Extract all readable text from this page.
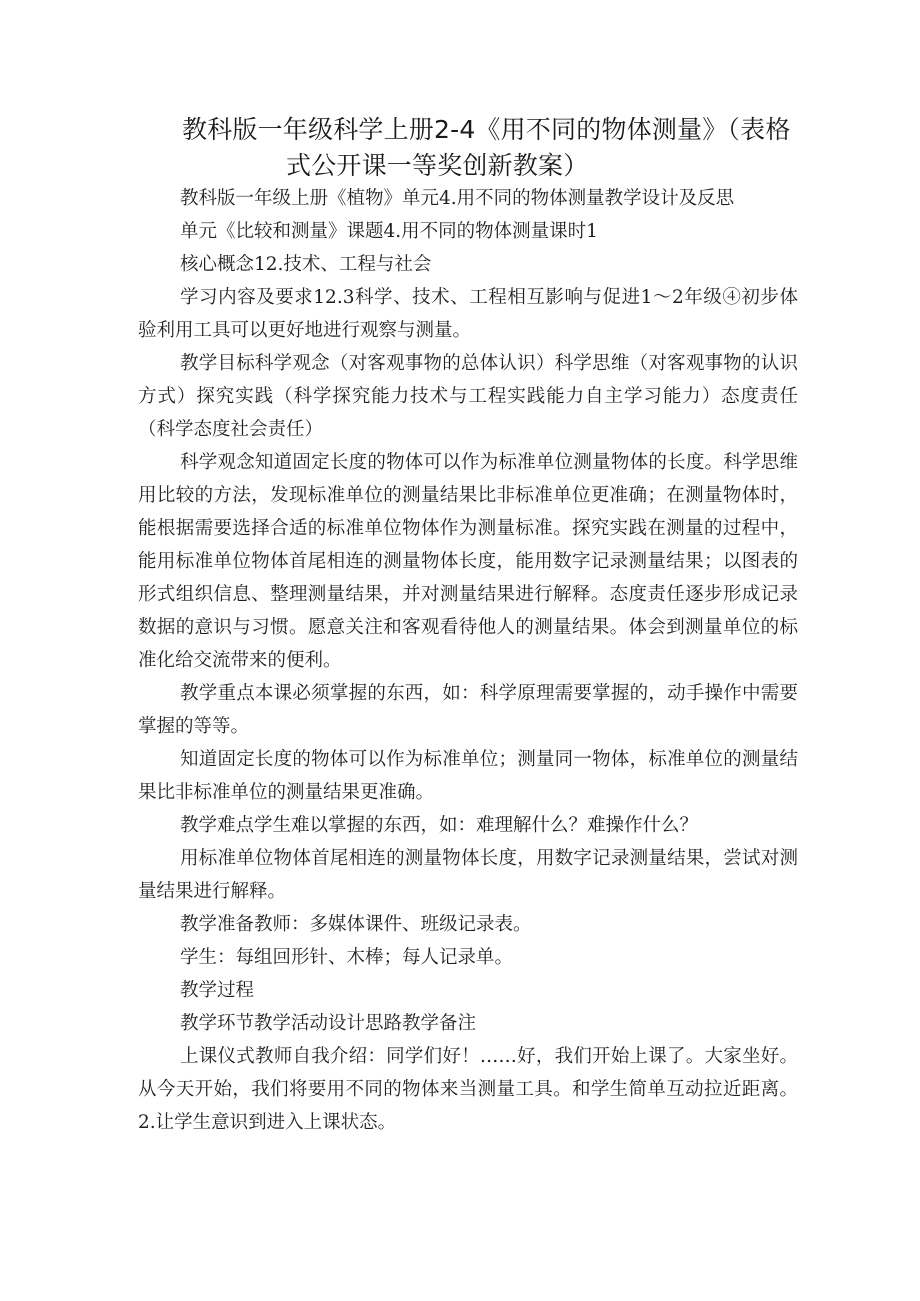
教科版一年级科学上册2-4《用不同的物体测量》（表格
式公开课一等奖创新教案）

教科版一年级上册《植物》单元4.用不同的物体测量教学设计及反思

单元《比较和测量》课题4.用不同的物体测量课时1

核心概念12.技术、工程与社会

学习内容及要求12.3科学、技术、工程相互影响与促进1～2年级④初步体验利用工具可以更好地进行观察与测量。

教学目标科学观念（对客观事物的总体认识）科学思维（对客观事物的认识方式）探究实践（科学探究能力技术与工程实践能力自主学习能力）态度责任（科学态度社会责任）

科学观念知道固定长度的物体可以作为标准单位测量物体的长度。科学思维用比较的方法，发现标准单位的测量结果比非标准单位更准确；在测量物体时，能根据需要选择合适的标准单位物体作为测量标准。探究实践在测量的过程中，能用标准单位物体首尾相连的测量物体长度，能用数字记录测量结果；以图表的形式组织信息、整理测量结果，并对测量结果进行解释。态度责任逐步形成记录数据的意识与习惯。愿意关注和客观看待他人的测量结果。体会到测量单位的标准化给交流带来的便利。

教学重点本课必须掌握的东西，如：科学原理需要掌握的，动手操作中需要掌握的等等。

知道固定长度的物体可以作为标准单位；测量同一物体，标准单位的测量结果比非标准单位的测量结果更准确。

教学难点学生难以掌握的东西，如：难理解什么？难操作什么？

用标准单位物体首尾相连的测量物体长度，用数字记录测量结果，尝试对测量结果进行解释。

教学准备教师：多媒体课件、班级记录表。

学生：每组回形针、木棒；每人记录单。

教学过程

教学环节教学活动设计思路教学备注

上课仪式教师自我介绍：同学们好！……好，我们开始上课了。大家坐好。从今天开始，我们将要用不同的物体来当测量工具。和学生简单互动拉近距离。2.让学生意识到进入上课状态。
